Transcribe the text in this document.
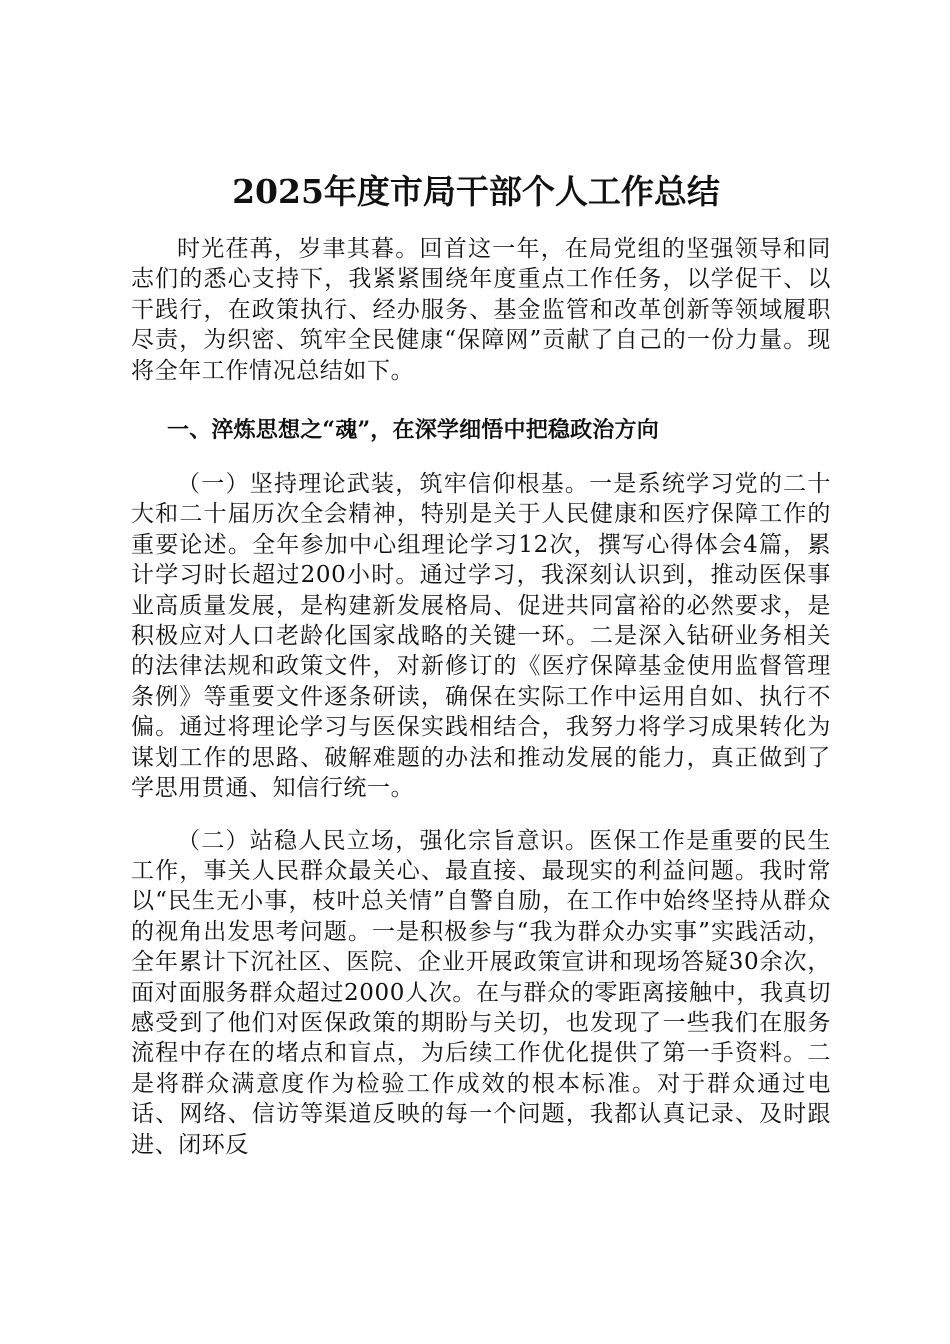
2025年度市局干部个人工作总结

时光荏苒，岁聿其暮。回首这一年，在局党组的坚强领导和同志们的悉心支持下，我紧紧围绕年度重点工作任务，以学促干、以干践行，在政策执行、经办服务、基金监管和改革创新等领域履职尽责，为织密、筑牢全民健康“保障网”贡献了自己的一份力量。现将全年工作情况总结如下。

一、淬炼思想之“魂”，在深学细悟中把稳政治方向

（一）坚持理论武装，筑牢信仰根基。一是系统学习党的二十大和二十届历次全会精神，特别是关于人民健康和医疗保障工作的重要论述。全年参加中心组理论学习12次，撰写心得体会4篇，累计学习时长超过200小时。通过学习，我深刻认识到，推动医保事业高质量发展，是构建新发展格局、促进共同富裕的必然要求，是积极应对人口老龄化国家战略的关键一环。二是深入钻研业务相关的法律法规和政策文件，对新修订的《医疗保障基金使用监督管理条例》等重要文件逐条研读，确保在实际工作中运用自如、执行不偏。通过将理论学习与医保实践相结合，我努力将学习成果转化为谋划工作的思路、破解难题的办法和推动发展的能力，真正做到了学思用贯通、知信行统一。

（二）站稳人民立场，强化宗旨意识。医保工作是重要的民生工作，事关人民群众最关心、最直接、最现实的利益问题。我时常以“民生无小事，枝叶总关情”自警自励，在工作中始终坚持从群众的视角出发思考问题。一是积极参与“我为群众办实事”实践活动，全年累计下沉社区、医院、企业开展政策宣讲和现场答疑30余次，面对面服务群众超过2000人次。在与群众的零距离接触中，我真切感受到了他们对医保政策的期盼与关切，也发现了一些我们在服务流程中存在的堵点和盲点，为后续工作优化提供了第一手资料。二是将群众满意度作为检验工作成效的根本标准。对于群众通过电话、网络、信访等渠道反映的每一个问题，我都认真记录、及时跟进、闭环反
